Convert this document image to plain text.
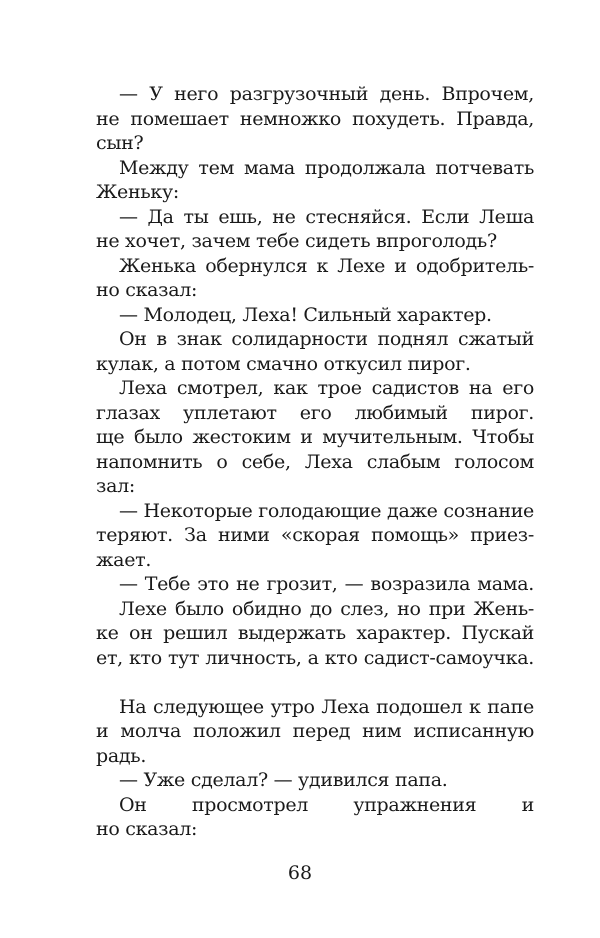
— У него разгрузочный день. Впрочем,
не помешает немножко похудеть. Правда,
сын?
Между тем мама продолжала потчевать
Женьку:
— Да ты ешь, не стесняйся. Если Леша
не хочет, зачем тебе сидеть впроголодь?
Женька обернулся к Лехе и одобритель-
но сказал:
— Молодец, Леха! Сильный характер.
Он в знак солидарности поднял сжатый
кулак, а потом смачно откусил пирог.
Леха смотрел, как трое садистов на его
глазах уплетают его любимый пирог.
ще было жестоким и мучительным. Чтобы
напомнить о себе, Леха слабым голосом
зал:
— Некоторые голодающие даже сознание
теряют. За ними «скорая помощь» приез-
жает.
— Тебе это не грозит, — возразила мама.
Лехе было обидно до слез, но при Жень-
ке он решил выдержать характер. Пускай
ет, кто тут личность, а кто садист-самоучка.
На следующее утро Леха подошел к папе
и молча положил перед ним исписанную
радь.
— Уже сделал? — удивился папа.
Он просмотрел упражнения и
но сказал:
68
